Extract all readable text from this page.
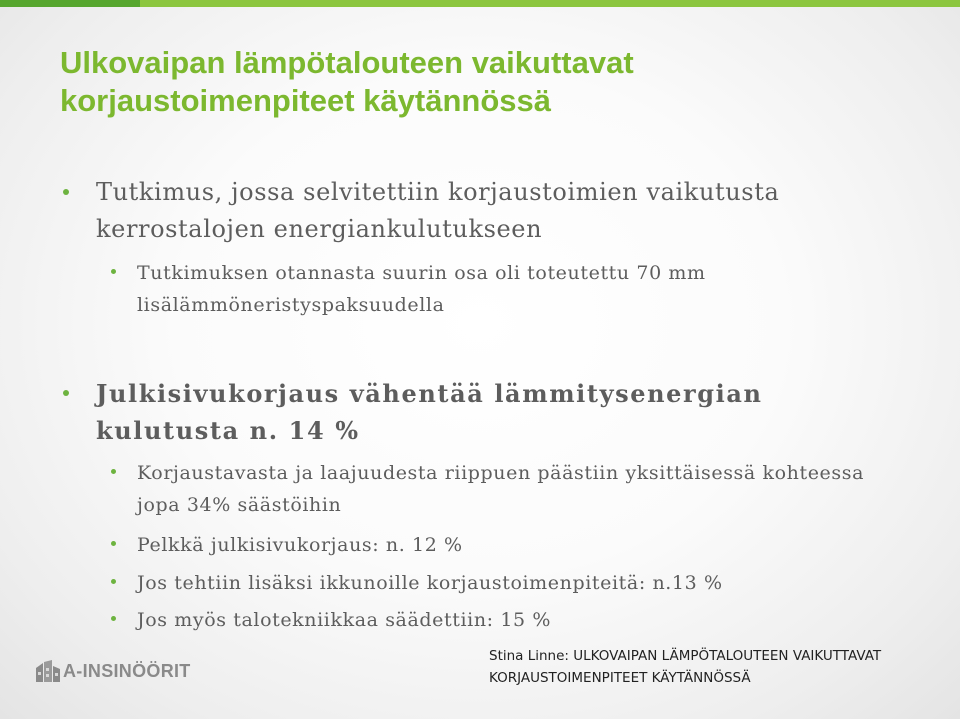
Ulkovaipan lämpötalouteen vaikuttavat
korjaustoimenpiteet käytännössä

Tutkimus, jossa selvitettiin korjaustoimien vaikutusta kerrostalojen energiankulutukseen

Tutkimuksen otannasta suurin osa oli toteutettu 70 mm lisälämmöneristyspaksuudella

Julkisivukorjaus vähentää lämmitysenergian kulutusta n. 14 %

Korjaustavasta ja laajuudesta riippuen päästiin yksittäisessä kohteessa jopa 34% säästöihin

Pelkkä julkisivukorjaus: n. 12 %

Jos tehtiin lisäksi ikkunoille korjaustoimenpiteitä: n.13 %

Jos myös talotekniikkaa säädettiin: 15 %

A-INSINÖÖRIT
Stina Linne: ULKOVAIPAN LÄMPÖTALOUTEEN VAIKUTTAVAT
KORJAUSTOIMENPITEET KÄYTÄNNÖSSÄ
